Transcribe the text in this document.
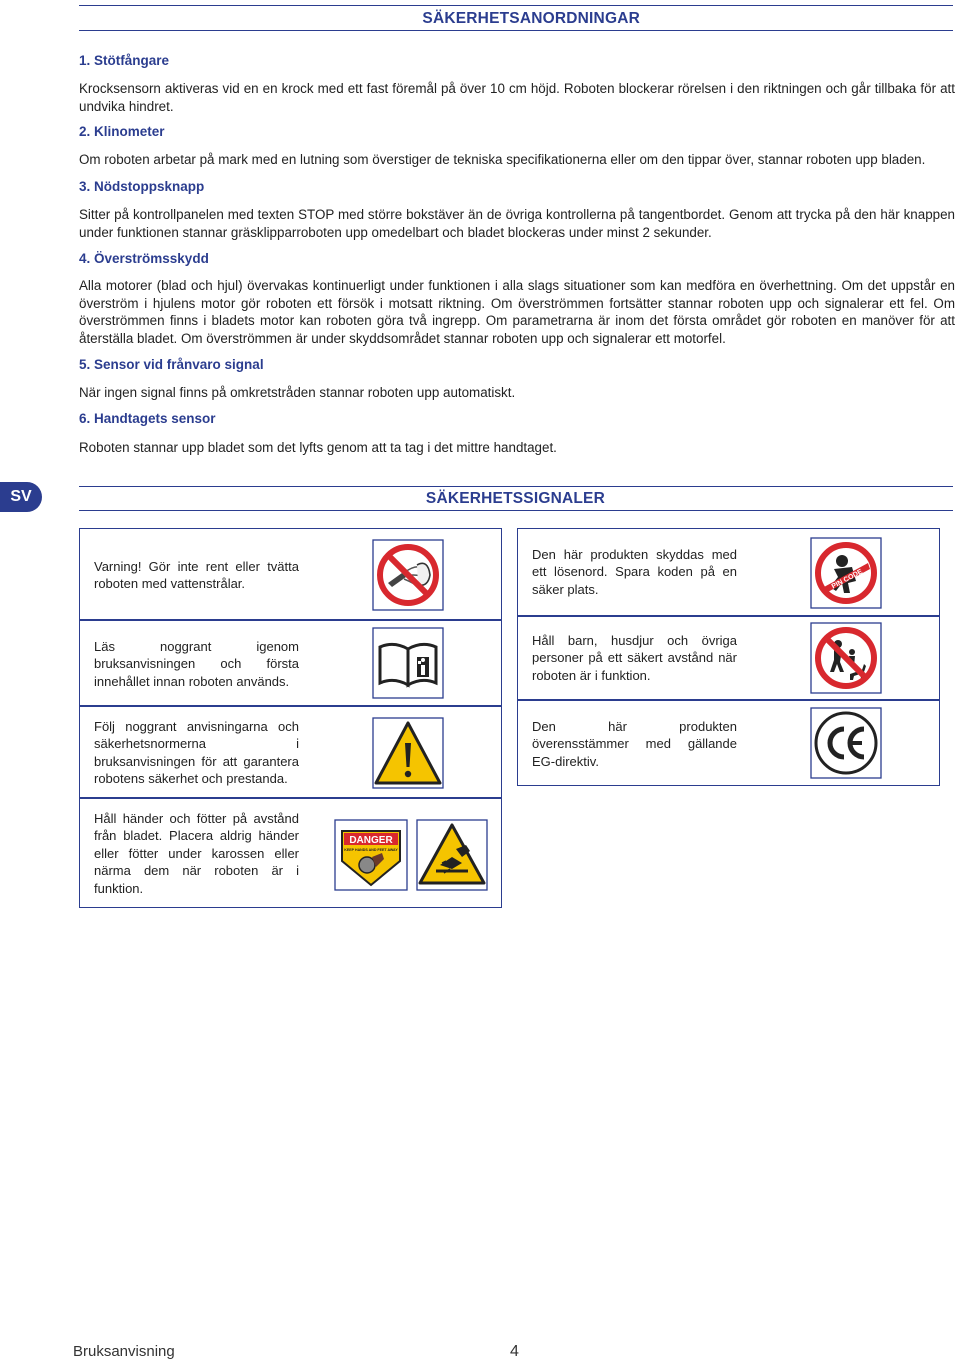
SÄKERHETSANORDNINGAR
1. Stötfångare
Krocksensorn aktiveras vid en en krock med ett fast föremål på över 10 cm höjd. Roboten blockerar rörelsen i den riktningen och går tillbaka för att undvika hindret.
2. Klinometer
Om roboten arbetar på mark med en lutning som överstiger de tekniska specifikationerna eller om den tippar över, stannar roboten upp bladen.
3. Nödstoppsknapp
Sitter på kontrollpanelen med texten STOP med större bokstäver än de övriga kontrollerna på tangentbordet. Genom att trycka på den här knappen under funktionen stannar gräsklipparroboten upp omedelbart och bladet blockeras under minst 2 sekunder.
4. Överströmsskydd
Alla motorer (blad och hjul) övervakas kontinuerligt under funktionen i alla slags situationer som kan medföra en överhettning. Om det uppstår en överström i hjulens motor gör roboten ett försök i motsatt riktning. Om överströmmen fortsätter stannar roboten upp och signalerar ett fel. Om överströmmen finns i bladets motor kan roboten göra två ingrepp. Om parametrarna är inom det första området gör roboten en manöver för att återställa bladet. Om överströmmen är under skyddsområdet stannar roboten upp och signalerar ett motorfel.
5. Sensor vid frånvaro signal
När ingen signal finns på omkretstråden stannar roboten upp automatiskt.
6. Handtagets sensor
Roboten stannar upp bladet som det lyfts genom att ta tag i det mittre handtaget.
SV	SÄKERHETSSIGNALER
Varning! Gör inte rent eller tvätta roboten med vattenstrålar.
Läs noggrant igenom bruksanvisningen och första innehållet innan roboten används.
Följ noggrant anvisningarna och säkerhetsnormerna i bruksanvisningen för att garantera robotens säkerhet och prestanda.
Håll händer och fötter på avstånd från bladet. Placera aldrig händer eller fötter under karossen eller närma dem när roboten är i funktion.
DANGER
KEEP HANDS AND FEET AWAY
Den här produkten skyddas med ett lösenord. Spara koden på en säker plats.	PIN CODE
Håll barn, husdjur och övriga personer på ett säkert avstånd när roboten är i funktion.
Den här produkten överensstämmer med gällande EG-direktiv.
Bruksanvisning	4
